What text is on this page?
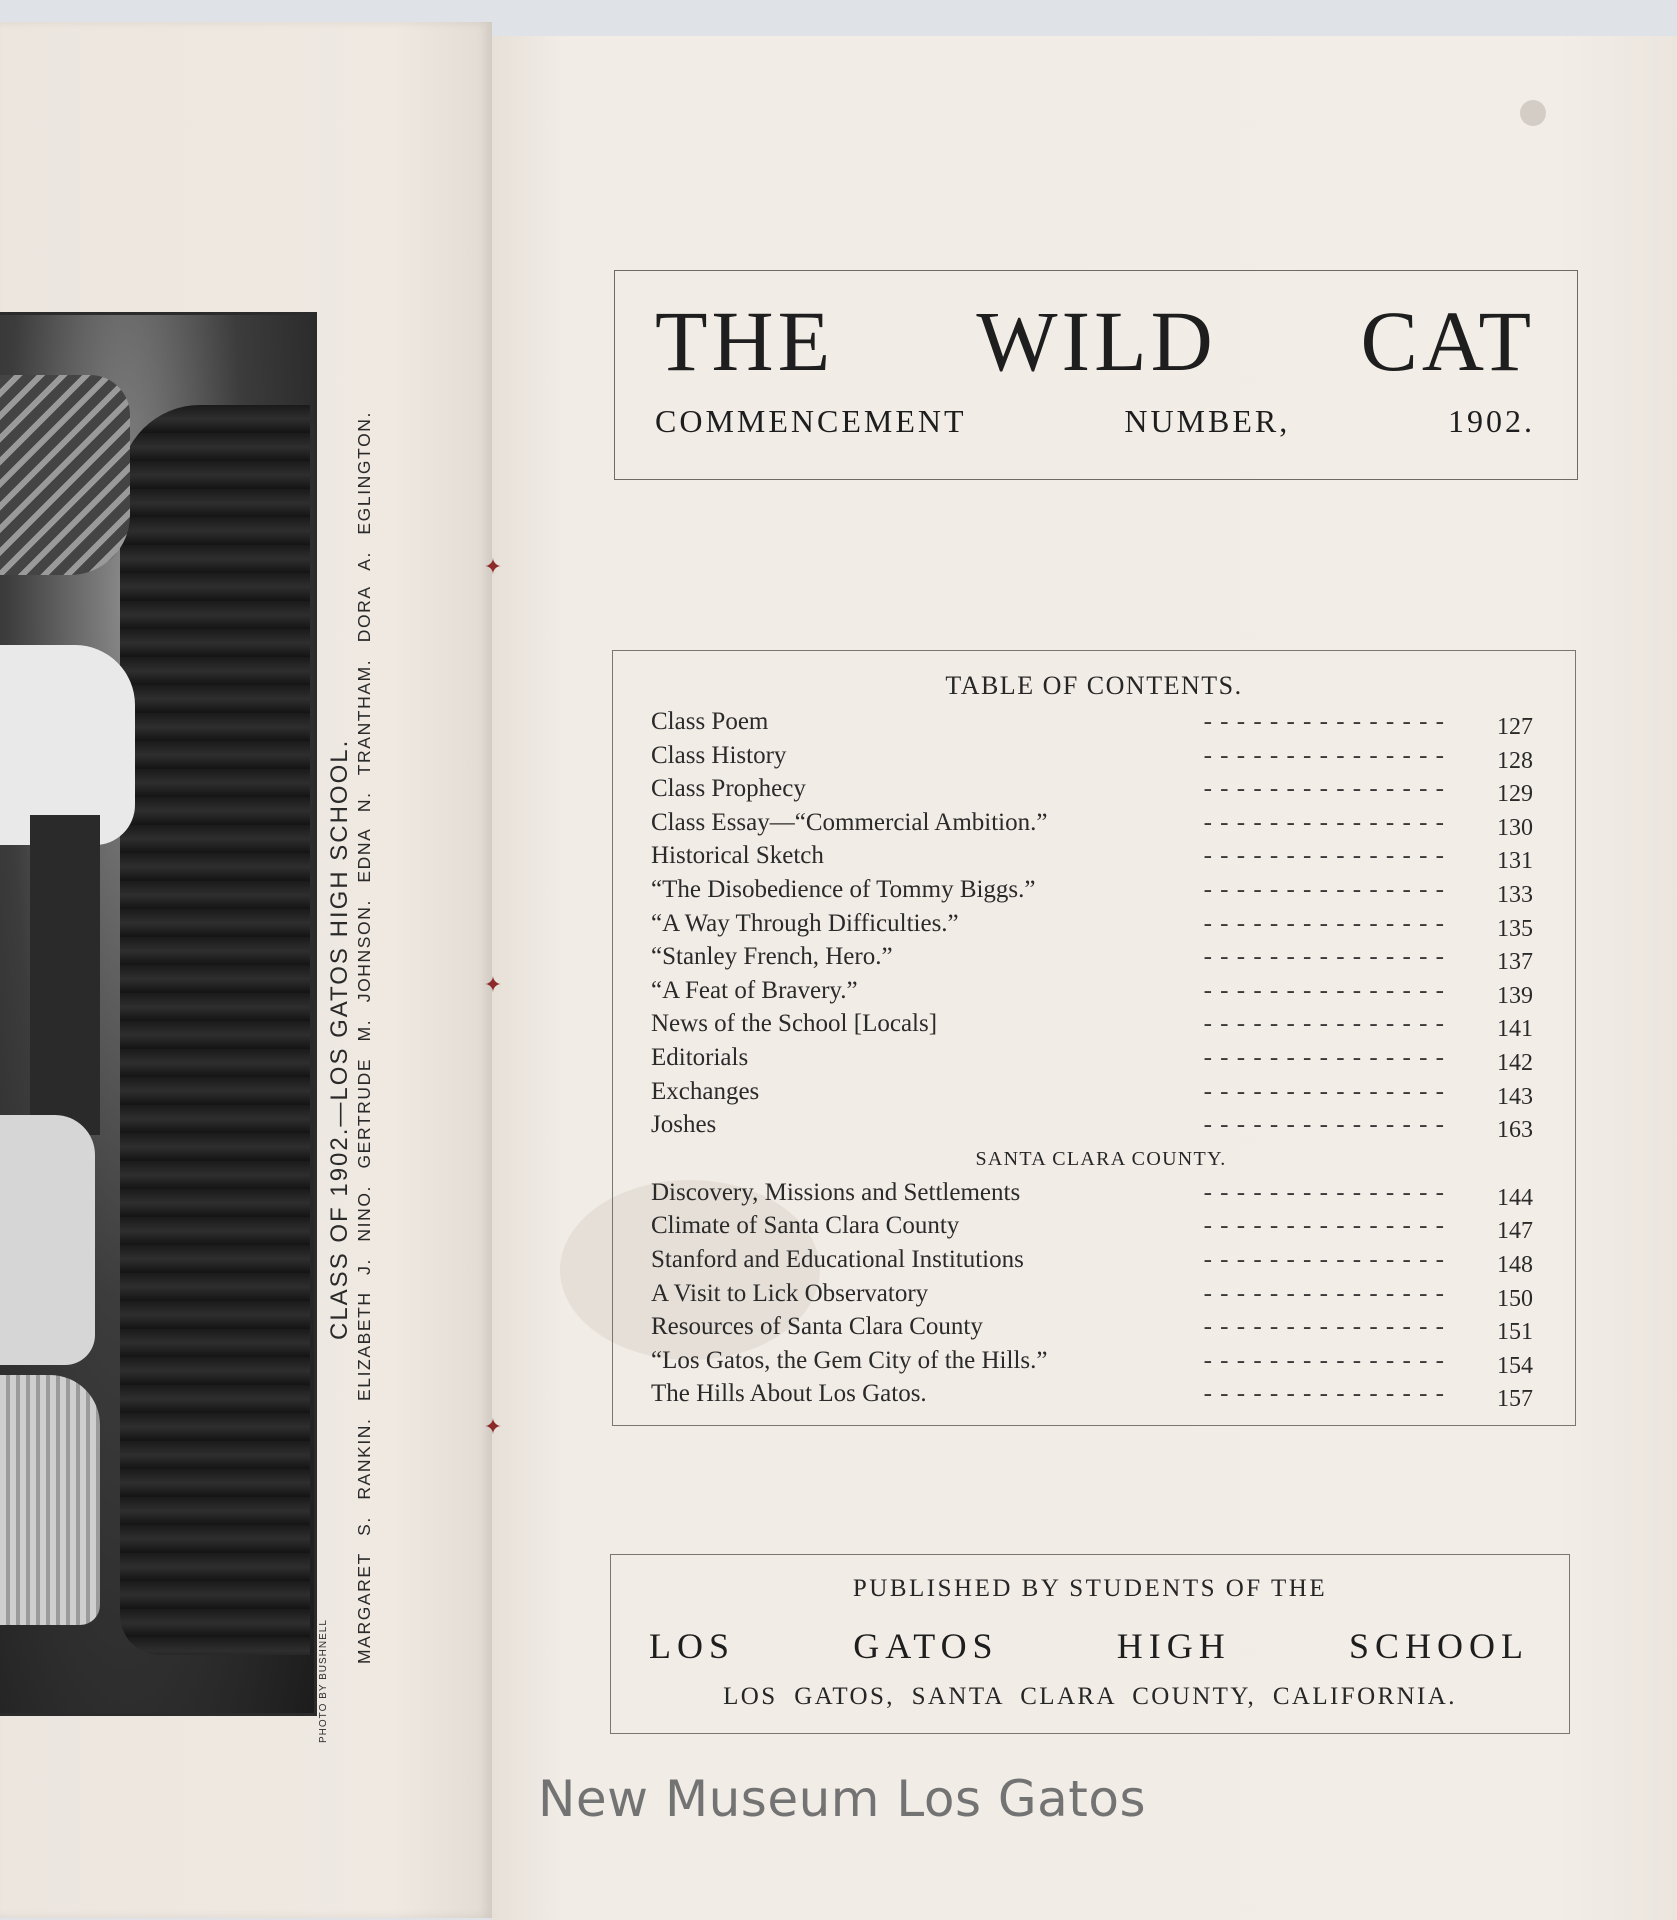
✦
✦
✦
CLASS OF 1902.—LOS GATOS HIGH SCHOOL. MARGARET S. RANKIN. ELIZABETH J. NINO. GERTRUDE M. JOHNSON. EDNA N. TRANTHAM. DORA A. EGLINGTON.
PHOTO BY BUSHNELL
THE WILD CAT
COMMENCEMENT	NUMBER,	1902.
TABLE OF CONTENTS.
Class Poem	- - - - - - - - - - - - - - - 127
Class History	- - - - - - - - - - - - - - - 128
Class Prophecy	- - - - - - - - - - - - - - - 129
Class Essay—“Commercial Ambition.”	- - - - - - - - - - - - - - - 130
Historical Sketch	- - - - - - - - - - - - - - - 131
“The Disobedience of Tommy Biggs.”	- - - - - - - - - - - - - - - 133
“A Way Through Difficulties.”	- - - - - - - - - - - - - - - 135
“Stanley French, Hero.”	- - - - - - - - - - - - - - - 137
“A Feat of Bravery.”	- - - - - - - - - - - - - - - 139
News of the School [Locals]	- - - - - - - - - - - - - - - 141
Editorials	- - - - - - - - - - - - - - - 142
Exchanges	- - - - - - - - - - - - - - - 143
Joshes	- - - - - - - - - - - - - - - 163
SANTA CLARA COUNTY.
Discovery, Missions and Settlements	- - - - - - - - - - - - - - - 144
Climate of Santa Clara County	- - - - - - - - - - - - - - - 147
Stanford and Educational Institutions	- - - - - - - - - - - - - - - 148
A Visit to Lick Observatory	- - - - - - - - - - - - - - - 150
Resources of Santa Clara County	- - - - - - - - - - - - - - - 151
“Los Gatos, the Gem City of the Hills.”	- - - - - - - - - - - - - - - 154
The Hills About Los Gatos.	- - - - - - - - - - - - - - - 157
PUBLISHED BY STUDENTS OF THE
LOS GATOS HIGH SCHOOL
LOS GATOS, SANTA CLARA COUNTY, CALIFORNIA.
New Museum Los Gatos
